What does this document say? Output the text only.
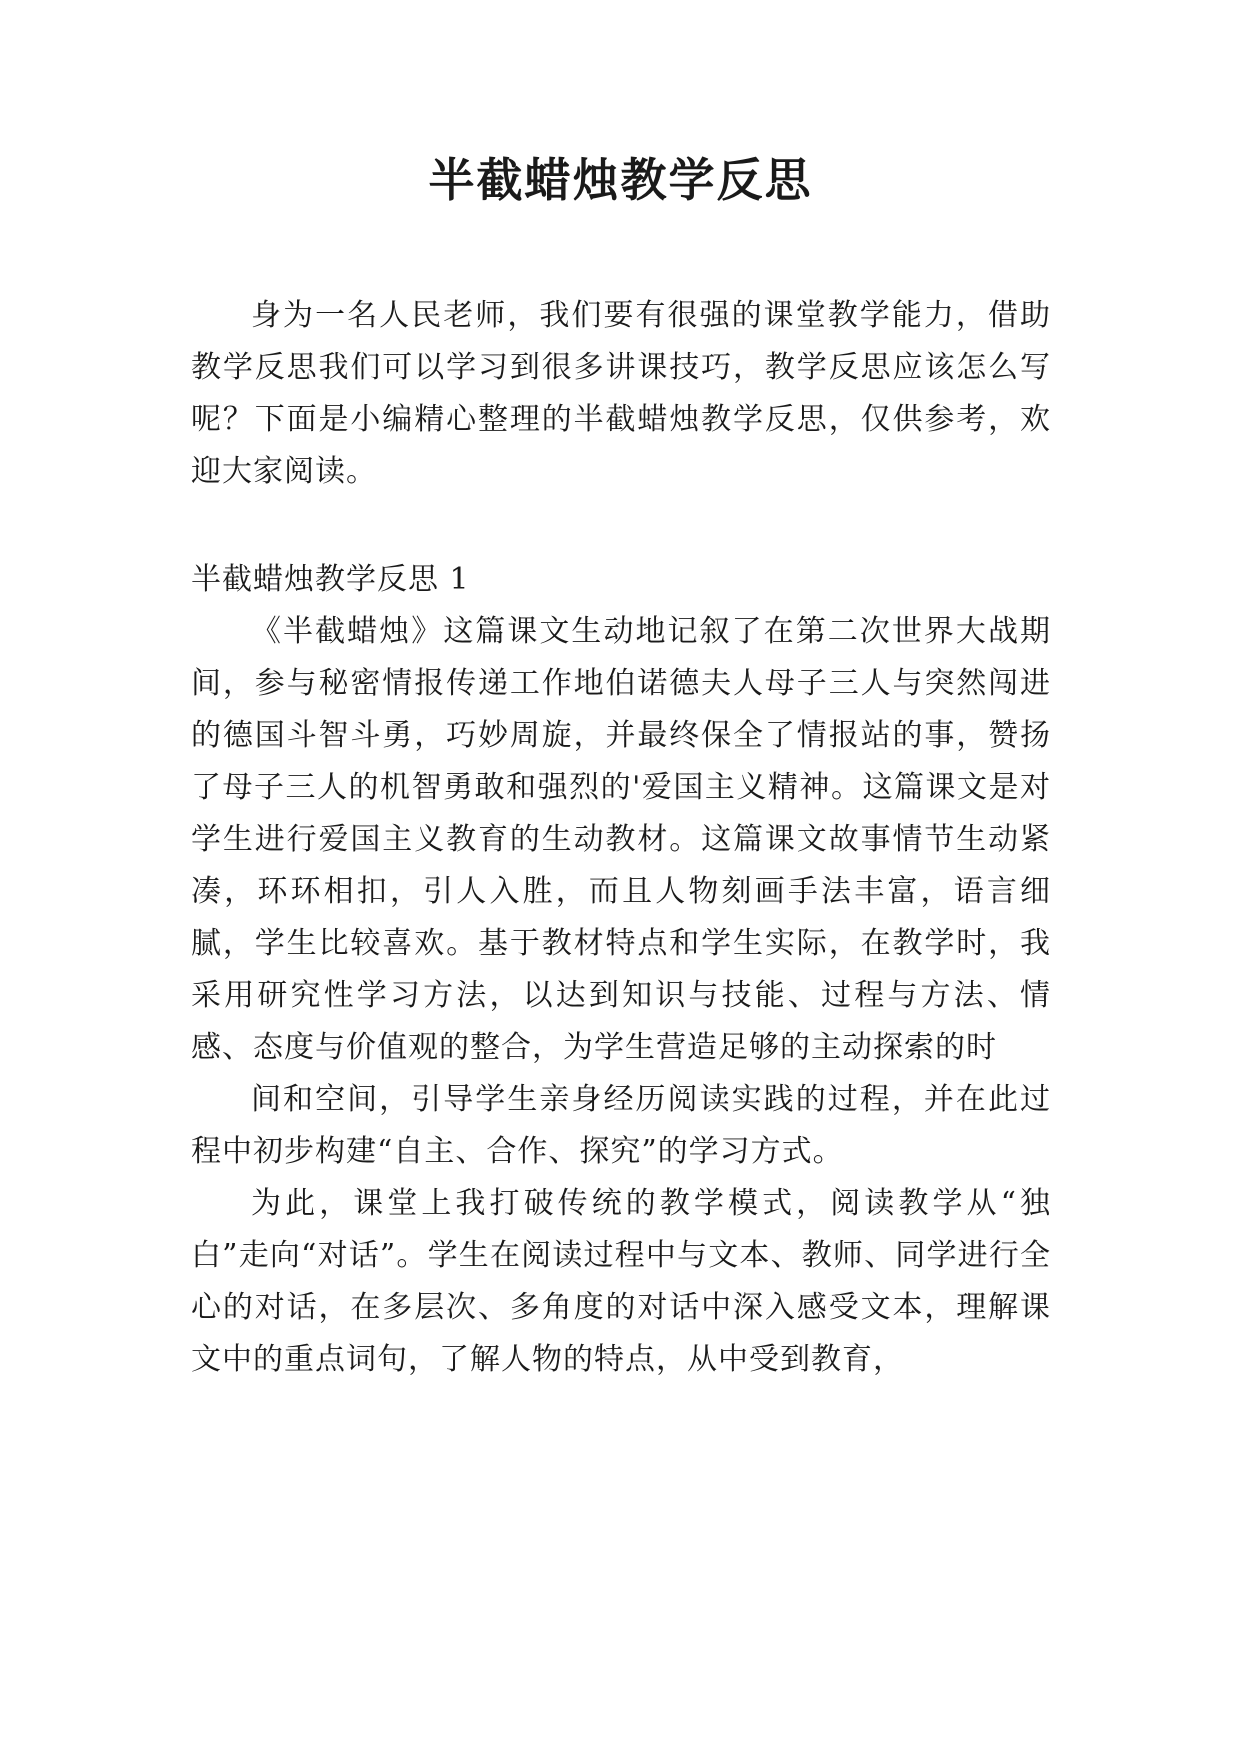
半截蜡烛教学反思

身为一名人民老师，我们要有很强的课堂教学能力，借助教学反思我们可以学习到很多讲课技巧，教学反思应该怎么写呢？下面是小编精心整理的半截蜡烛教学反思，仅供参考，欢迎大家阅读。

半截蜡烛教学反思 1

《半截蜡烛》这篇课文生动地记叙了在第二次世界大战期间，参与秘密情报传递工作地伯诺德夫人母子三人与突然闯进的德国斗智斗勇，巧妙周旋，并最终保全了情报站的事，赞扬了母子三人的机智勇敢和强烈的'爱国主义精神。这篇课文是对学生进行爱国主义教育的生动教材。这篇课文故事情节生动紧凑，环环相扣，引人入胜，而且人物刻画手法丰富，语言细腻，学生比较喜欢。基于教材特点和学生实际，在教学时，我采用研究性学习方法，以达到知识与技能、过程与方法、情感、态度与价值观的整合，为学生营造足够的主动探索的时

间和空间，引导学生亲身经历阅读实践的过程，并在此过程中初步构建“自主、合作、探究”的学习方式。

为此，课堂上我打破传统的教学模式，阅读教学从“独白”走向“对话”。学生在阅读过程中与文本、教师、同学进行全心的对话，在多层次、多角度的对话中深入感受文本，理解课文中的重点词句，了解人物的特点，从中受到教育，
